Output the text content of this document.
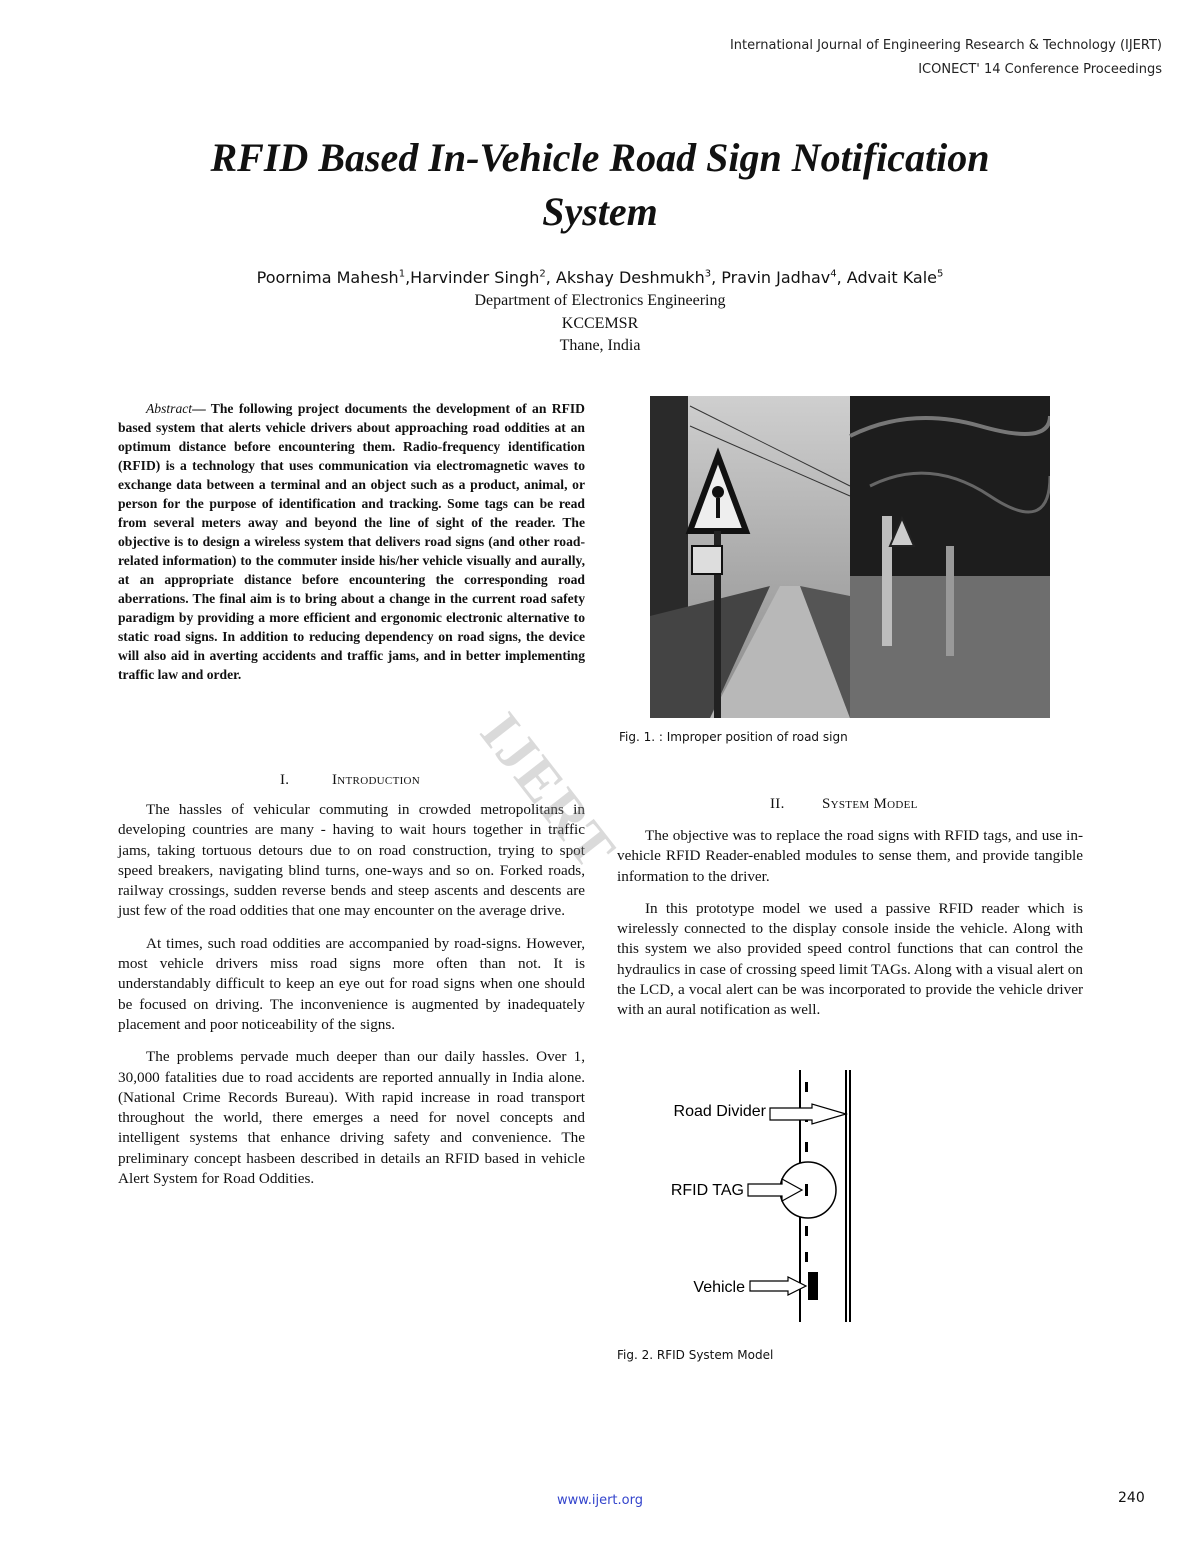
International Journal of Engineering Research & Technology (IJERT)
ICONECT' 14 Conference Proceedings
RFID Based In-Vehicle Road Sign Notification
System
Poornima Mahesh$^1$,Harvinder Singh$^2$, Akshay Deshmukh$^3$, Pravin Jadhav$^4$, Advait Kale$^5$
Department of Electronics Engineering
KCCEMSR
Thane, India
Abstract— The following project documents the development of an RFID based system that alerts vehicle drivers about approaching road oddities at an optimum distance before encountering them. Radio-frequency identification (RFID) is a technology that uses communication via electromagnetic waves to exchange data between a terminal and an object such as a product, animal, or person for the purpose of identification and tracking. Some tags can be read from several meters away and beyond the line of sight of the reader. The objective is to design a wireless system that delivers road signs (and other road-related information) to the commuter inside his/her vehicle visually and aurally, at an appropriate distance before encountering the corresponding road aberrations. The final aim is to bring about a change in the current road safety paradigm by providing a more efficient and ergonomic electronic alternative to static road signs. In addition to reducing dependency on road signs, the device will also aid in averting accidents and traffic jams, and in better implementing traffic law and order.
Fig. 1. : Improper position of road sign
I.	Introduction

The hassles of vehicular commuting in crowded metropolitans in developing countries are many - having to wait hours together in traffic jams, taking tortuous detours due to on road construction, trying to spot speed breakers, navigating blind turns, one-ways and so on. Forked roads, railway crossings, sudden reverse bends and steep ascents and descents are just few of the road oddities that one may encounter on the average drive.

At times, such road oddities are accompanied by road-signs. However, most vehicle drivers miss road signs more often than not. It is understandably difficult to keep an eye out for road signs when one should be focused on driving. The inconvenience is augmented by inadequately placement and poor noticeability of the signs.

The problems pervade much deeper than our daily hassles. Over 1, 30,000 fatalities due to road accidents are reported annually in India alone. (National Crime Records Bureau). With rapid increase in road transport throughout the world, there emerges a need for novel concepts and intelligent systems that enhance driving safety and convenience. The preliminary concept hasbeen described in details an RFID based in vehicle Alert System for Road Oddities.

II. System Model

The objective was to replace the road signs with RFID tags, and use in-vehicle RFID Reader-enabled modules to sense them, and provide tangible information to the driver.

In this prototype model we used a passive RFID reader which is wirelessly connected to the display console inside the vehicle. Along with this system we also provided speed control functions that can control the hydraulics in case of crossing speed limit TAGs. Along with a visual alert on the LCD, a vocal alert can be was incorporated to provide the vehicle driver with an aural notification as well.

Road Divider
RFID TAG
Vehicle
Fig. 2. RFID System Model
IJERT
www.ijert.org	240
